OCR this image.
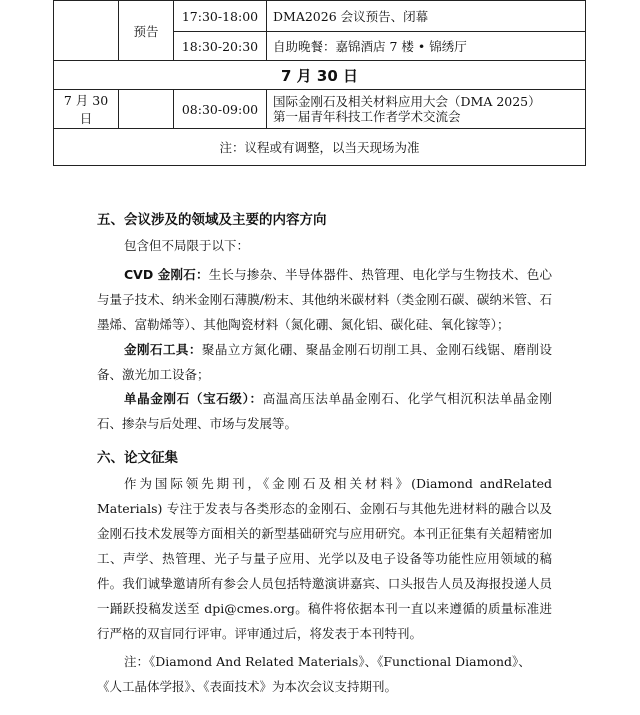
	预告	17:30-18:00	DMA2026 会议预告、闭幕
		18:30-20:30	自助晚餐：嘉锦酒店 7 楼 • 锦绣厅
7 月 30 日			
7 月 30 日		08:30-09:00	国际金刚石及相关材料应用大会（DMA 2025）
第一届青年科技工作者学术交流会

注：议程或有调整，以当天现场为准			
五、会议涉及的领域及主要的内容方向
包含但不局限于以下：
CVD 金刚石：生长与掺杂、半导体器件、热管理、电化学与生物技术、色心与量子技术、纳米金刚石薄膜/粉末、其他纳米碳材料（类金刚石碳、碳纳米管、石墨烯、富勒烯等）、其他陶瓷材料（氮化硼、氮化铝、碳化硅、氧化镓等）；
金刚石工具：聚晶立方氮化硼、聚晶金刚石切削工具、金刚石线锯、磨削设备、激光加工设备；
单晶金刚石（宝石级）：高温高压法单晶金刚石、化学气相沉积法单晶金刚石、掺杂与后处理、市场与发展等。
六、论文征集
作为国际领先期刊，《金刚石及相关材料》(Diamond andRelated Materials) 专注于发表与各类形态的金刚石、金刚石与其他先进材料的融合以及金刚石技术发展等方面相关的新型基础研究与应用研究。本刊正征集有关超精密加工、声学、热管理、光子与量子应用、光学以及电子设备等功能性应用领域的稿件。我们诚挚邀请所有参会人员包括特邀演讲嘉宾、口头报告人员及海报投递人员一踊跃投稿发送至 dpi@cmes.org。稿件将依据本刊一直以来遵循的质量标准进行严格的双盲同行评审。评审通过后，将发表于本刊特刊。
注：《Diamond And Related Materials》、《Functional Diamond》、
《人工晶体学报》、《表面技术》为本次会议支持期刊。
